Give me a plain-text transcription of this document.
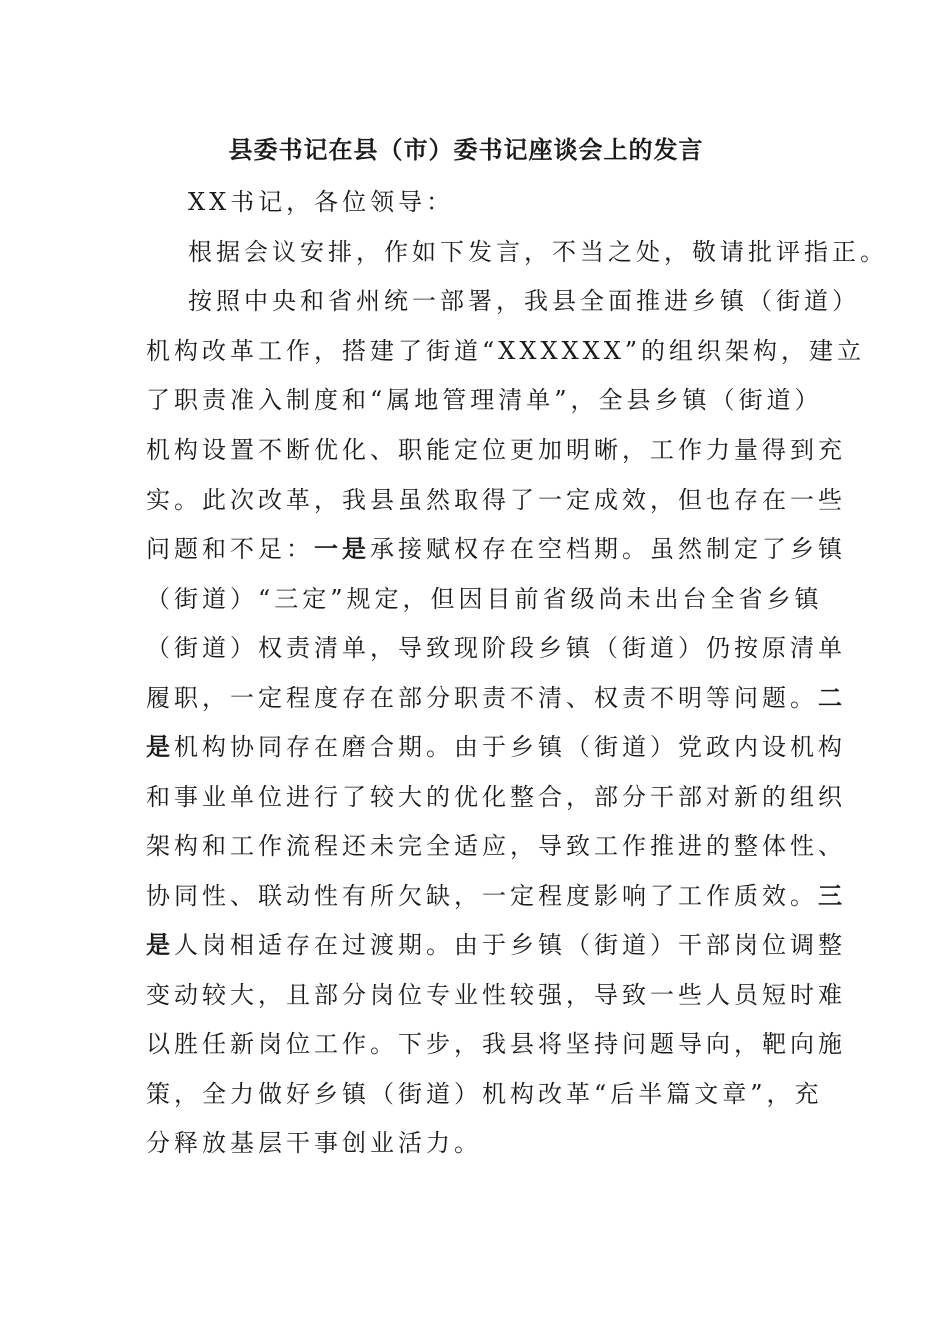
县委书记在县（市）委书记座谈会上的发言

XX书记，各位领导：

根据会议安排，作如下发言，不当之处，敬请批评指正。

按照中央和省州统一部署，我县全面推进乡镇（街道）

机构改革工作，搭建了街道“XXXXXX”的组织架构，建立

了职责准入制度和“属地管理清单”，全县乡镇（街道）

机构设置不断优化、职能定位更加明晰，工作力量得到充

实。此次改革，我县虽然取得了一定成效，但也存在一些

问题和不足：一是承接赋权存在空档期。虽然制定了乡镇

（街道）“三定”规定，但因目前省级尚未出台全省乡镇

（街道）权责清单，导致现阶段乡镇（街道）仍按原清单

履职，一定程度存在部分职责不清、权责不明等问题。二

是机构协同存在磨合期。由于乡镇（街道）党政内设机构

和事业单位进行了较大的优化整合，部分干部对新的组织

架构和工作流程还未完全适应，导致工作推进的整体性、

协同性、联动性有所欠缺，一定程度影响了工作质效。三

是人岗相适存在过渡期。由于乡镇（街道）干部岗位调整

变动较大，且部分岗位专业性较强，导致一些人员短时难

以胜任新岗位工作。下步，我县将坚持问题导向，靶向施

策，全力做好乡镇（街道）机构改革“后半篇文章”，充

分释放基层干事创业活力。
